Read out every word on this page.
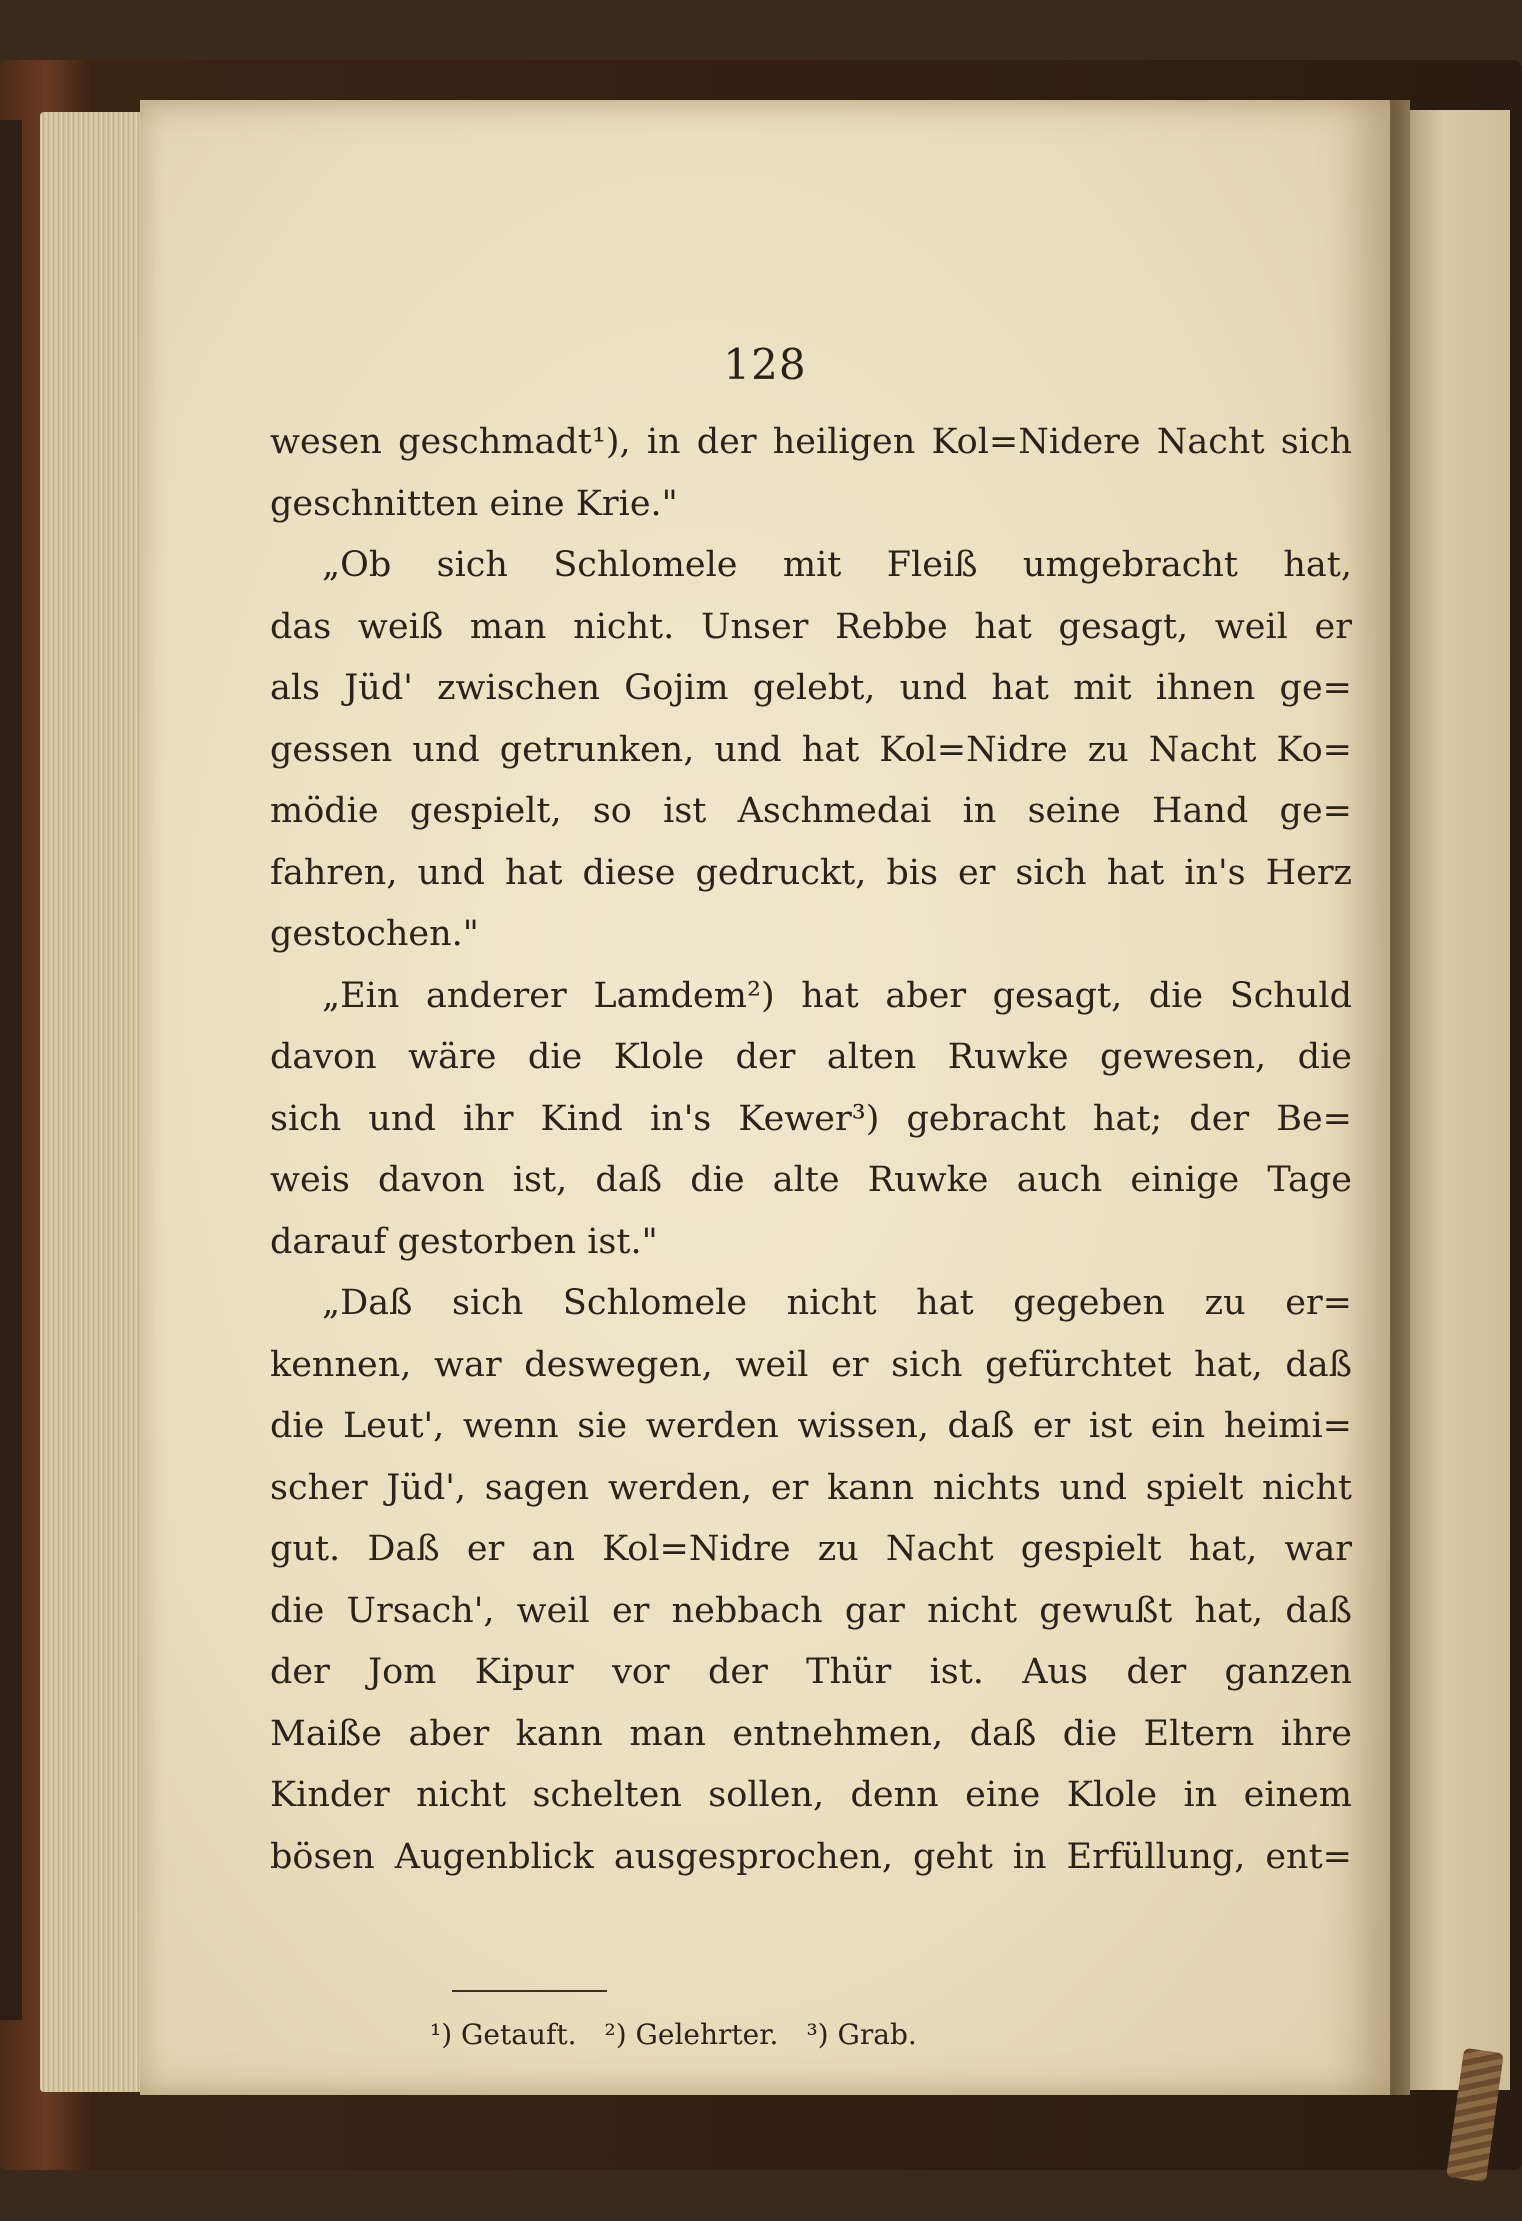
128
wesen geschmadt¹), in der heiligen Kol=Nidere Nacht sich
geschnitten eine Krie."
„Ob sich Schlomele mit Fleiß umgebracht hat,
das weiß man nicht. Unser Rebbe hat gesagt, weil er
als Jüd' zwischen Gojim gelebt, und hat mit ihnen ge=
gessen und getrunken, und hat Kol=Nidre zu Nacht Ko=
mödie gespielt, so ist Aschmedai in seine Hand ge=
fahren, und hat diese gedruckt, bis er sich hat in's Herz
gestochen."
„Ein anderer Lamdem²) hat aber gesagt, die Schuld
davon wäre die Klole der alten Ruwke gewesen, die
sich und ihr Kind in's Kewer³) gebracht hat; der Be=
weis davon ist, daß die alte Ruwke auch einige Tage
darauf gestorben ist."
„Daß sich Schlomele nicht hat gegeben zu er=
kennen, war deswegen, weil er sich gefürchtet hat, daß
die Leut', wenn sie werden wissen, daß er ist ein heimi=
scher Jüd', sagen werden, er kann nichts und spielt nicht
gut. Daß er an Kol=Nidre zu Nacht gespielt hat, war
die Ursach', weil er nebbach gar nicht gewußt hat, daß
der Jom Kipur vor der Thür ist. Aus der ganzen
Maiße aber kann man entnehmen, daß die Eltern ihre
Kinder nicht schelten sollen, denn eine Klole in einem
bösen Augenblick ausgesprochen, geht in Erfüllung, ent=
¹) Getauft. ²) Gelehrter. ³) Grab.
